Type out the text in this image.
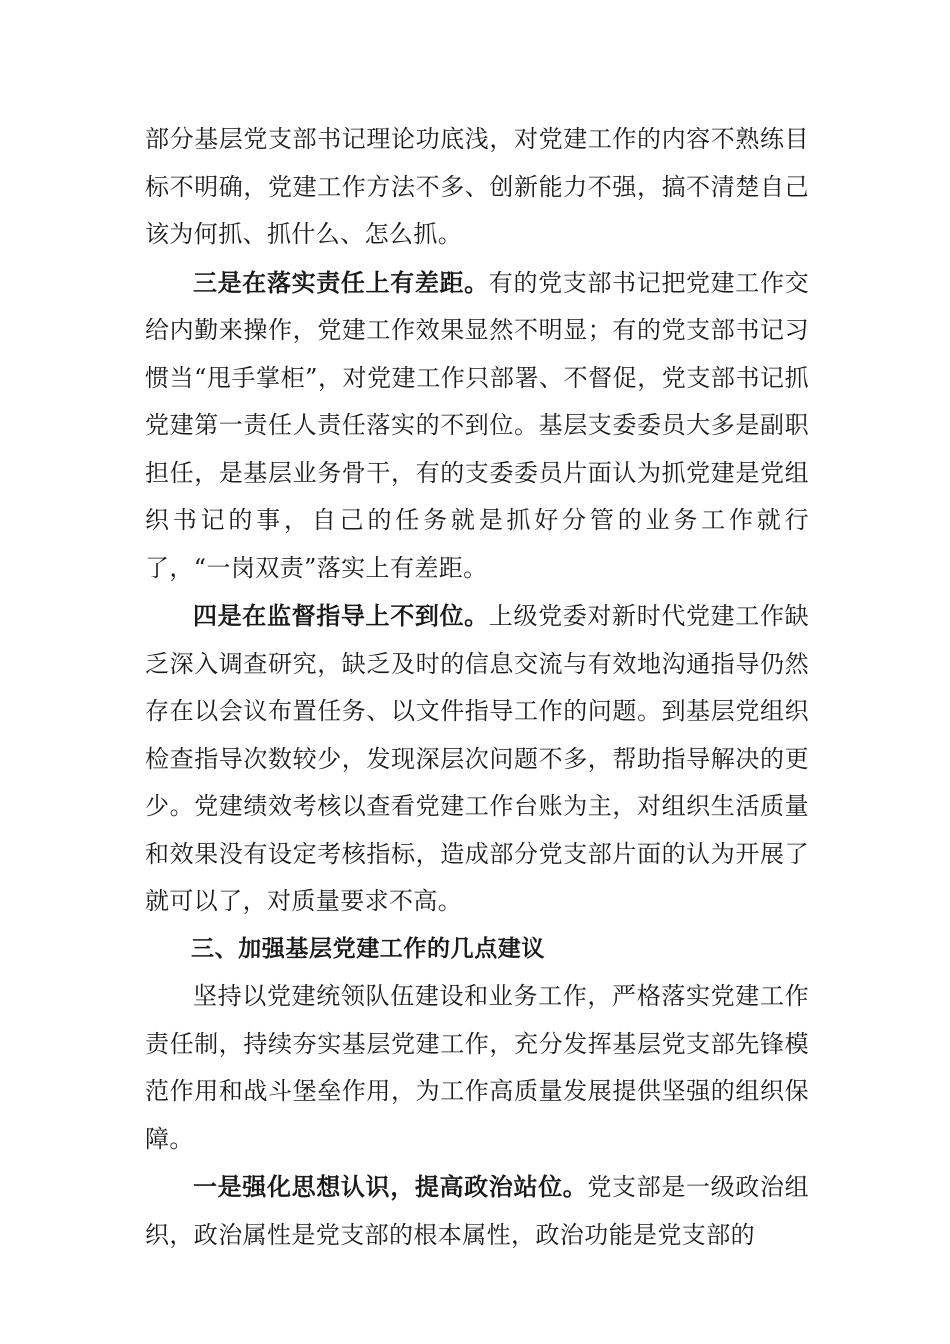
部分基层党支部书记理论功底浅，对党建工作的内容不熟练目标不明确，党建工作方法不多、创新能力不强，搞不清楚自己该为何抓、抓什么、怎么抓。

三是在落实责任上有差距。有的党支部书记把党建工作交给内勤来操作，党建工作效果显然不明显；有的党支部书记习惯当“甩手掌柜”，对党建工作只部署、不督促，党支部书记抓党建第一责任人责任落实的不到位。基层支委委员大多是副职担任，是基层业务骨干，有的支委委员片面认为抓党建是党组织书记的事，自己的任务就是抓好分管的业务工作就行了，“一岗双责”落实上有差距。

四是在监督指导上不到位。上级党委对新时代党建工作缺乏深入调查研究，缺乏及时的信息交流与有效地沟通指导仍然存在以会议布置任务、以文件指导工作的问题。到基层党组织检查指导次数较少，发现深层次问题不多，帮助指导解决的更少。党建绩效考核以查看党建工作台账为主，对组织生活质量和效果没有设定考核指标，造成部分党支部片面的认为开展了就可以了，对质量要求不高。

三、加强基层党建工作的几点建议

坚持以党建统领队伍建设和业务工作，严格落实党建工作责任制，持续夯实基层党建工作，充分发挥基层党支部先锋模范作用和战斗堡垒作用，为工作高质量发展提供坚强的组织保障。

一是强化思想认识，提高政治站位。党支部是一级政治组织，政治属性是党支部的根本属性，政治功能是党支部的
